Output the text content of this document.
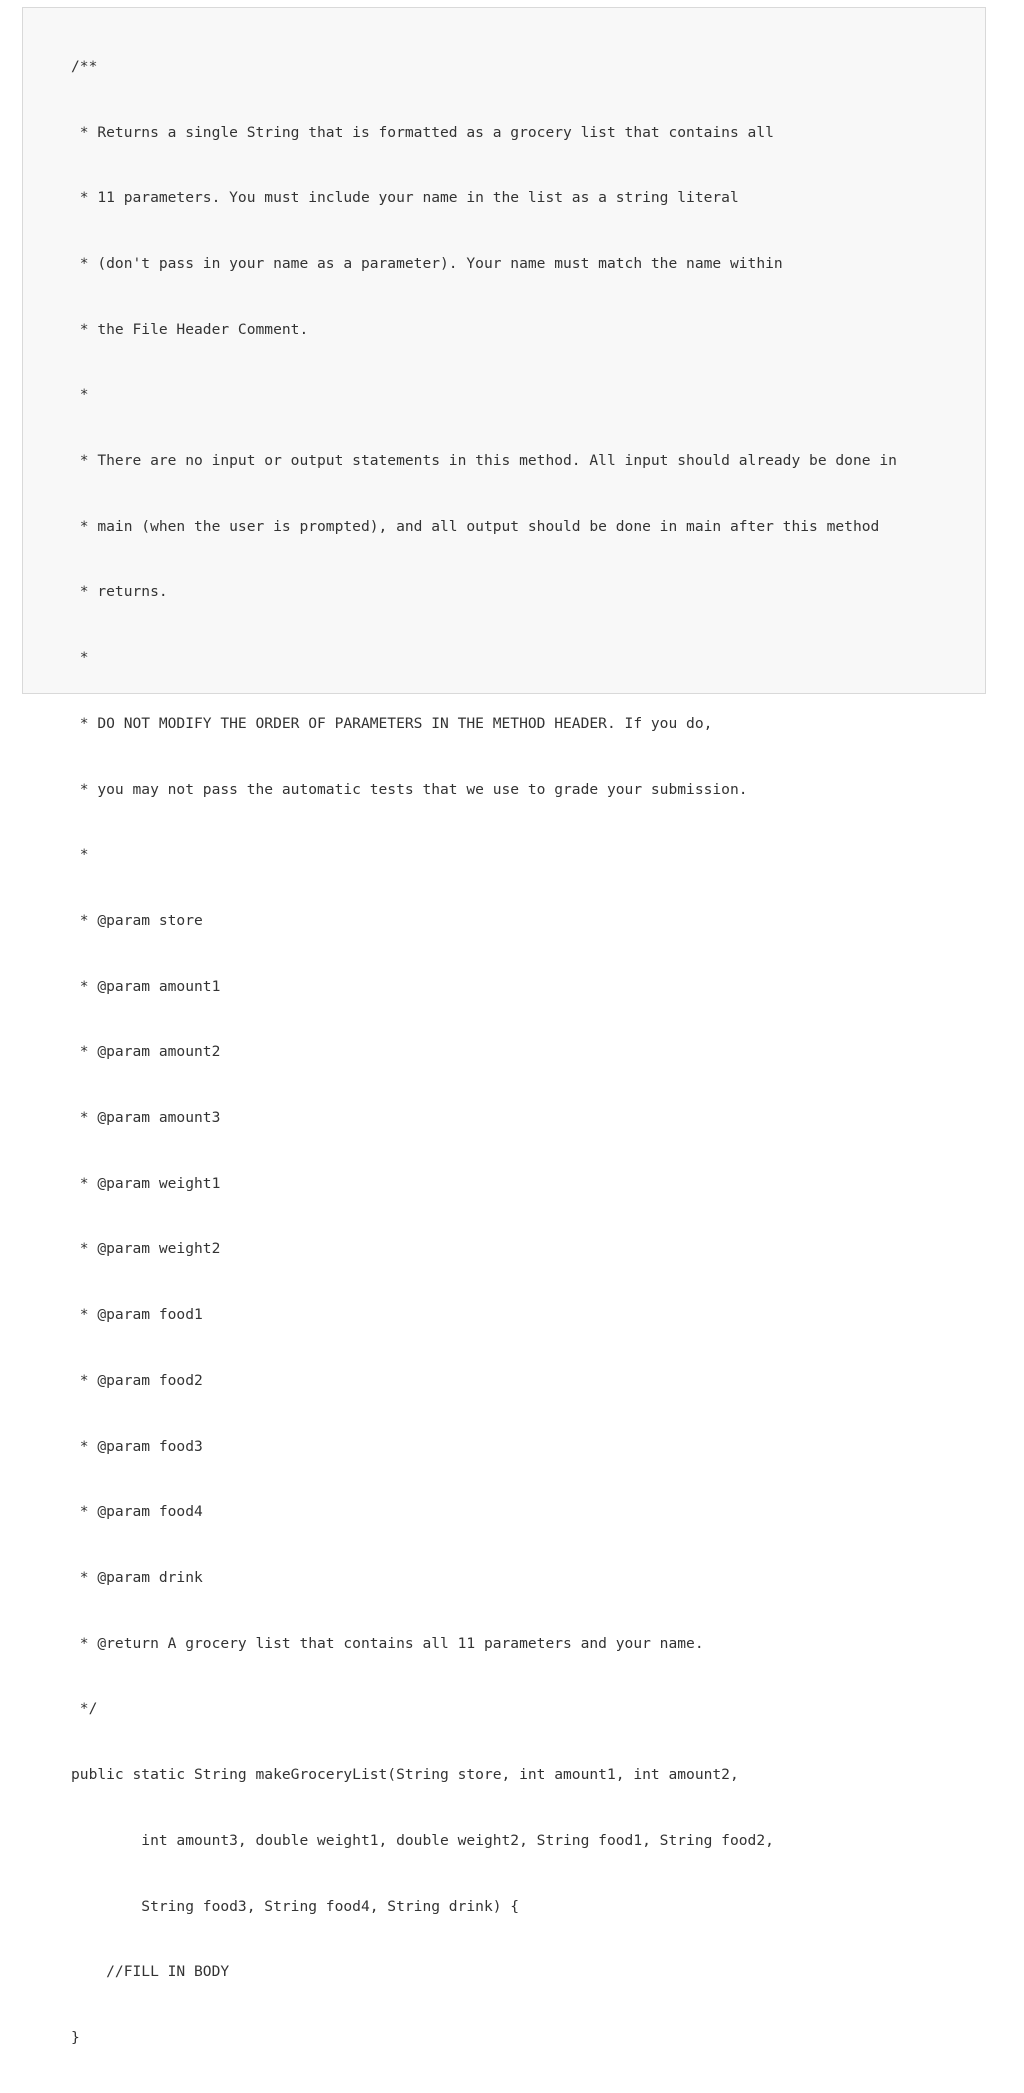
/**

* Returns a single String that is formatted as a grocery list that contains all

* 11 parameters. You must include your name in the list as a string literal

* (don't pass in your name as a parameter). Your name must match the name within

* the File Header Comment.

*

* There are no input or output statements in this method. All input should already be done in

* main (when the user is prompted), and all output should be done in main after this method

* returns.

*

* DO NOT MODIFY THE ORDER OF PARAMETERS IN THE METHOD HEADER. If you do,

* you may not pass the automatic tests that we use to grade your submission.

*

* @param store

* @param amount1

* @param amount2

* @param amount3

* @param weight1

* @param weight2

* @param food1

* @param food2

* @param food3

* @param food4

* @param drink

* @return A grocery list that contains all 11 parameters and your name.

*/

public static String makeGroceryList(String store, int amount1, int amount2,

int amount3, double weight1, double weight2, String food1, String food2,

String food3, String food4, String drink) {

//FILL IN BODY

}
